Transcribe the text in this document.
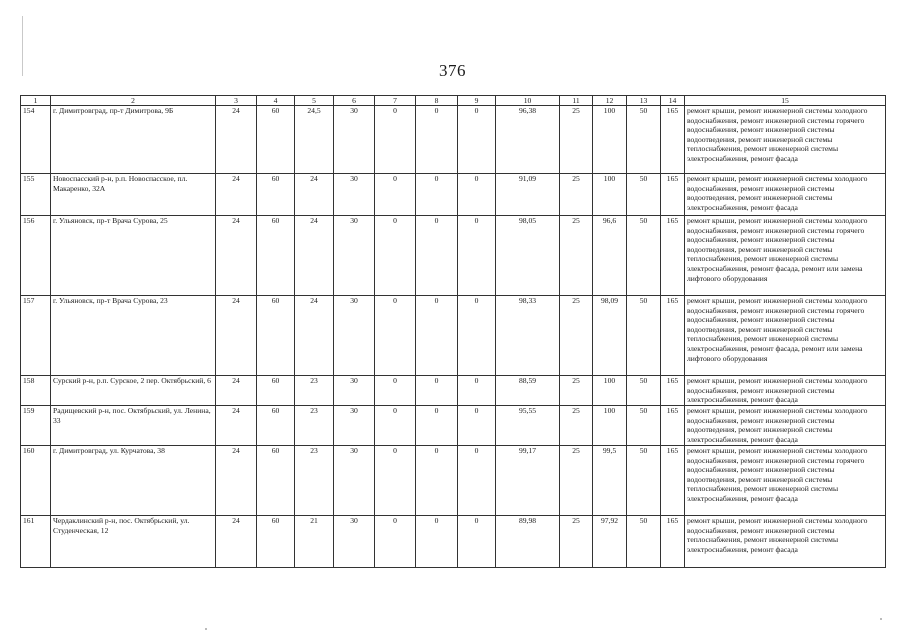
376
1	2	3	4	5	6	7	8	9	10	11	12	13	14	15
154	г. Димитровград, пр-т Димитрова, 9Б	24	60	24,5	30	0	0	0	96,38	25	100	50	165	ремонт крыши, ремонт инженерной системы холодного водоснабжения, ремонт инженерной системы горячего водоснабжения, ремонт инженерной системы водоотведения, ремонт инженерной системы теплоснабжения, ремонт инженерной системы электроснабжения, ремонт фасада
155	Новоспасский р-н, р.п. Новоспасское, пл. Макаренко, 32А	24	60	24	30	0	0	0	91,09	25	100	50	165	ремонт крыши, ремонт инженерной системы холодного водоснабжения, ремонт инженерной системы водоотведения, ремонт инженерной системы электроснабжения, ремонт фасада
156	г. Ульяновск, пр-т Врача Сурова, 25	24	60	24	30	0	0	0	98,05	25	96,6	50	165	ремонт крыши, ремонт инженерной системы холодного водоснабжения, ремонт инженерной системы горячего водоснабжения, ремонт инженерной системы водоотведения, ремонт инженерной системы теплоснабжения, ремонт инженерной системы электроснабжения, ремонт фасада, ремонт или замена лифтового оборудования
157	г. Ульяновск, пр-т Врача Сурова, 23	24	60	24	30	0	0	0	98,33	25	98,09	50	165	ремонт крыши, ремонт инженерной системы холодного водоснабжения, ремонт инженерной системы горячего водоснабжения, ремонт инженерной системы водоотведения, ремонт инженерной системы теплоснабжения, ремонт инженерной системы электроснабжения, ремонт фасада, ремонт или замена лифтового оборудования
158	Сурский р-н, р.п. Сурское, 2 пер. Октябрьский, 6	24	60	23	30	0	0	0	88,59	25	100	50	165	ремонт крыши, ремонт инженерной системы холодного водоснабжения, ремонт инженерной системы электроснабжения, ремонт фасада
159	Радищевский р-н, пос. Октябрьский, ул. Ленина, 33	24	60	23	30	0	0	0	95,55	25	100	50	165	ремонт крыши, ремонт инженерной системы холодного водоснабжения, ремонт инженерной системы водоотведения, ремонт инженерной системы электроснабжения, ремонт фасада
160	г. Димитровград, ул. Курчатова, 38	24	60	23	30	0	0	0	99,17	25	99,5	50	165	ремонт крыши, ремонт инженерной системы холодного водоснабжения, ремонт инженерной системы горячего водоснабжения, ремонт инженерной системы водоотведения, ремонт инженерной системы теплоснабжения, ремонт инженерной системы электроснабжения, ремонт фасада
161	Чердаклинский р-н, пос. Октябрьский, ул. Студенческая, 12	24	60	21	30	0	0	0	89,98	25	97,92	50	165	ремонт крыши, ремонт инженерной системы холодного водоснабжения, ремонт инженерной системы теплоснабжения, ремонт инженерной системы электроснабжения, ремонт фасада
